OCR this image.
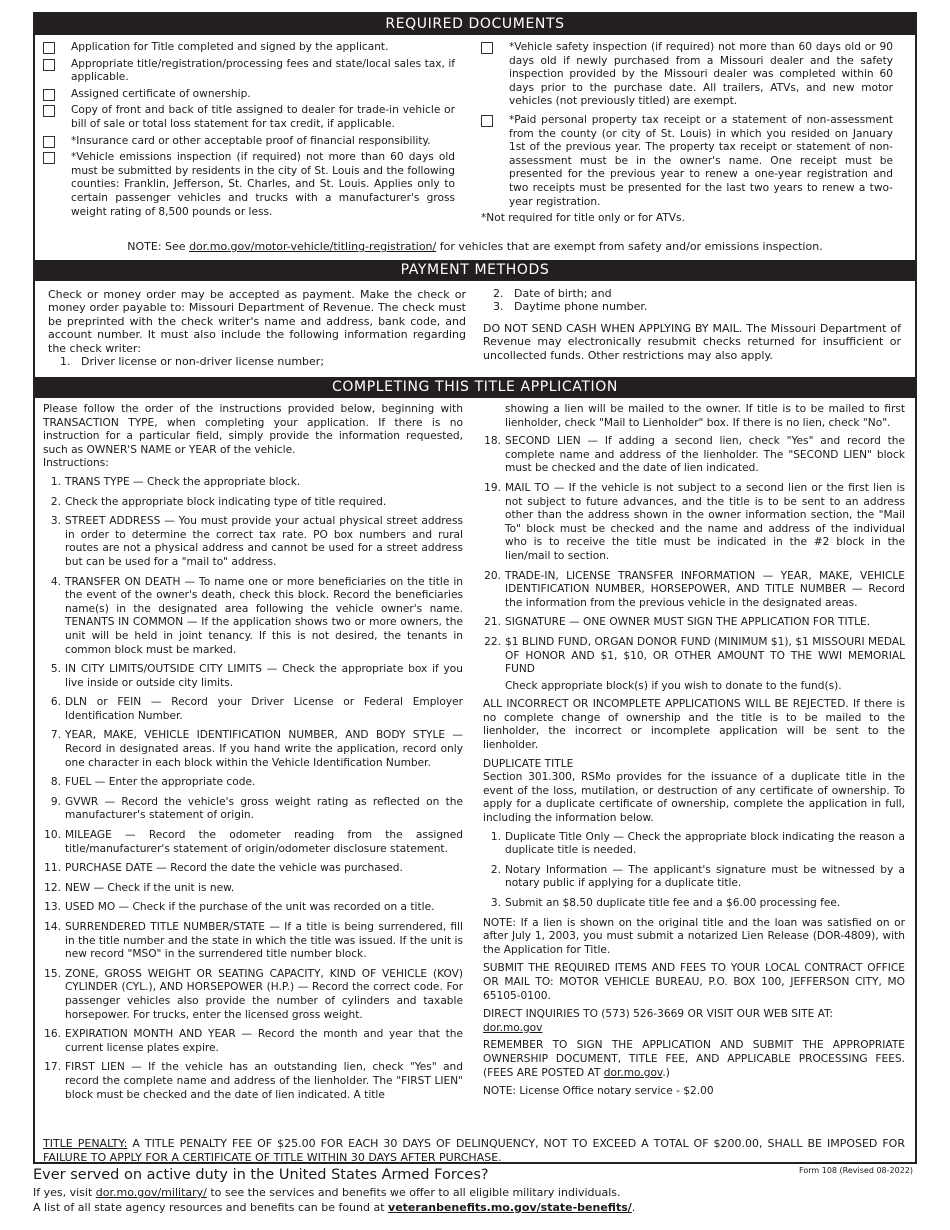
REQUIRED DOCUMENTS
Application for Title completed and signed by the applicant.
Appropriate title/registration/processing fees and state/local sales tax, if applicable.
Assigned certificate of ownership.
Copy of front and back of title assigned to dealer for trade-in vehicle or bill of sale or total loss statement for tax credit, if applicable.
*Insurance card or other acceptable proof of financial responsibility.
*Vehicle emissions inspection (if required) not more than 60 days old must be submitted by residents in the city of St. Louis and the following counties: Franklin, Jefferson, St. Charles, and St. Louis. Applies only to certain passenger vehicles and trucks with a manufacturer's gross weight rating of 8,500 pounds or less.
*Vehicle safety inspection (if required) not more than 60 days old or 90 days old if newly purchased from a Missouri dealer and the safety inspection provided by the Missouri dealer was completed within 60 days prior to the purchase date. All trailers, ATVs, and new motor vehicles (not previously titled) are exempt.
*Paid personal property tax receipt or a statement of non-assessment from the county (or city of St. Louis) in which you resided on January 1st of the previous year. The property tax receipt or statement of non-assessment must be in the owner's name. One receipt must be presented for the previous year to renew a one-year registration and two receipts must be presented for the last two years to renew a two-year registration.
*Not required for title only or for ATVs.
NOTE: See dor.mo.gov/motor-vehicle/titling-registration/ for vehicles that are exempt from safety and/or emissions inspection.
PAYMENT METHODS
Check or money order may be accepted as payment. Make the check or money order payable to: Missouri Department of Revenue. The check must be preprinted with the check writer's name and address, bank code, and account number. It must also include the following information regarding the check writer:
1. Driver license or non-driver license number;
2. Date of birth; and
3. Daytime phone number.
DO NOT SEND CASH WHEN APPLYING BY MAIL. The Missouri Department of Revenue may electronically resubmit checks returned for insufficient or uncollected funds. Other restrictions may also apply.
COMPLETING THIS TITLE APPLICATION

Please follow the order of the instructions provided below, beginning with TRANSACTION TYPE, when completing your application. If there is no instruction for a particular field, simply provide the information requested, such as OWNER'S NAME or YEAR of the vehicle.

Instructions:

1. TRANS TYPE — Check the appropriate block.
2. Check the appropriate block indicating type of title required.
3. STREET ADDRESS — You must provide your actual physical street address in order to determine the correct tax rate. PO box numbers and rural routes are not a physical address and cannot be used for a street address but can be used for a "mail to" address.
4. TRANSFER ON DEATH — To name one or more beneficiaries on the title in the event of the owner's death, check this block. Record the beneficiaries name(s) in the designated area following the vehicle owner's name. TENANTS IN COMMON — If the application shows two or more owners, the unit will be held in joint tenancy. If this is not desired, the tenants in common block must be marked.
5. IN CITY LIMITS/OUTSIDE CITY LIMITS — Check the appropriate box if you live inside or outside city limits.
6. DLN or FEIN — Record your Driver License or Federal Employer Identification Number.
7. YEAR, MAKE, VEHICLE IDENTIFICATION NUMBER, AND BODY STYLE — Record in designated areas. If you hand write the application, record only one character in each block within the Vehicle Identification Number.
8. FUEL — Enter the appropriate code.
9. GVWR — Record the vehicle's gross weight rating as reflected on the manufacturer's statement of origin.
10. MILEAGE — Record the odometer reading from the assigned title/manufacturer's statement of origin/odometer disclosure statement.
11. PURCHASE DATE — Record the date the vehicle was purchased.
12. NEW — Check if the unit is new.
13. USED MO — Check if the purchase of the unit was recorded on a title.
14. SURRENDERED TITLE NUMBER/STATE — If a title is being surrendered, fill in the title number and the state in which the title was issued. If the unit is new record "MSO" in the surrendered title number block.
15. ZONE, GROSS WEIGHT OR SEATING CAPACITY, KIND OF VEHICLE (KOV) CYLINDER (CYL.), AND HORSEPOWER (H.P.) — Record the correct code. For passenger vehicles also provide the number of cylinders and taxable horsepower. For trucks, enter the licensed gross weight.
16. EXPIRATION MONTH AND YEAR — Record the month and year that the current license plates expire.
17. FIRST LIEN — If the vehicle has an outstanding lien, check "Yes" and record the complete name and address of the lienholder. The "FIRST LIEN" block must be checked and the date of lien indicated. A title

showing a lien will be mailed to the owner. If title is to be mailed to first lienholder, check "Mail to Lienholder" box. If there is no lien, check "No".

18. SECOND LIEN — If adding a second lien, check "Yes" and record the complete name and address of the lienholder. The "SECOND LIEN" block must be checked and the date of lien indicated.
19. MAIL TO — If the vehicle is not subject to a second lien or the first lien is not subject to future advances, and the title is to be sent to an address other than the address shown in the owner information section, the "Mail To" block must be checked and the name and address of the individual who is to receive the title must be indicated in the #2 block in the lien/mail to section.
20. TRADE-IN, LICENSE TRANSFER INFORMATION — YEAR, MAKE, VEHICLE IDENTIFICATION NUMBER, HORSEPOWER, AND TITLE NUMBER — Record the information from the previous vehicle in the designated areas.
21. SIGNATURE — ONE OWNER MUST SIGN THE APPLICATION FOR TITLE.
22. $1 BLIND FUND, ORGAN DONOR FUND (MINIMUM $1), $1 MISSOURI MEDAL OF HONOR AND $1, $10, OR OTHER AMOUNT TO THE WWI MEMORIAL FUND

Check appropriate block(s) if you wish to donate to the fund(s).

ALL INCORRECT OR INCOMPLETE APPLICATIONS WILL BE REJECTED. If there is no complete change of ownership and the title is to be mailed to the lienholder, the incorrect or incomplete application will be sent to the lienholder.

DUPLICATE TITLE

Section 301.300, RSMo provides for the issuance of a duplicate title in the event of the loss, mutilation, or destruction of any certificate of ownership. To apply for a duplicate certificate of ownership, complete the application in full, including the information below.

1. Duplicate Title Only — Check the appropriate block indicating the reason a duplicate title is needed.
2. Notary Information — The applicant's signature must be witnessed by a notary public if applying for a duplicate title.
3. Submit an $8.50 duplicate title fee and a $6.00 processing fee.

NOTE: If a lien is shown on the original title and the loan was satisfied on or after July 1, 2003, you must submit a notarized Lien Release (DOR-4809), with the Application for Title.

SUBMIT THE REQUIRED ITEMS AND FEES TO YOUR LOCAL CONTRACT OFFICE OR MAIL TO: MOTOR VEHICLE BUREAU, P.O. BOX 100, JEFFERSON CITY, MO 65105-0100.

DIRECT INQUIRIES TO (573) 526-3669 OR VISIT OUR WEB SITE AT:
dor.mo.gov

REMEMBER TO SIGN THE APPLICATION AND SUBMIT THE APPROPRIATE OWNERSHIP DOCUMENT, TITLE FEE, AND APPLICABLE PROCESSING FEES. (FEES ARE POSTED AT dor.mo.gov.)

NOTE: License Office notary service - $2.00

TITLE PENALTY: A TITLE PENALTY FEE OF $25.00 FOR EACH 30 DAYS OF DELINQUENCY, NOT TO EXCEED A TOTAL OF $200.00, SHALL BE IMPOSED FOR FAILURE TO APPLY FOR A CERTIFICATE OF TITLE WITHIN 30 DAYS AFTER PURCHASE.
Ever served on active duty in the United States Armed Forces?	Form 108 (Revised 08-2022)
If yes, visit dor.mo.gov/military/ to see the services and benefits we offer to all eligible military individuals.
A list of all state agency resources and benefits can be found at veteranbenefits.mo.gov/state-benefits/.
